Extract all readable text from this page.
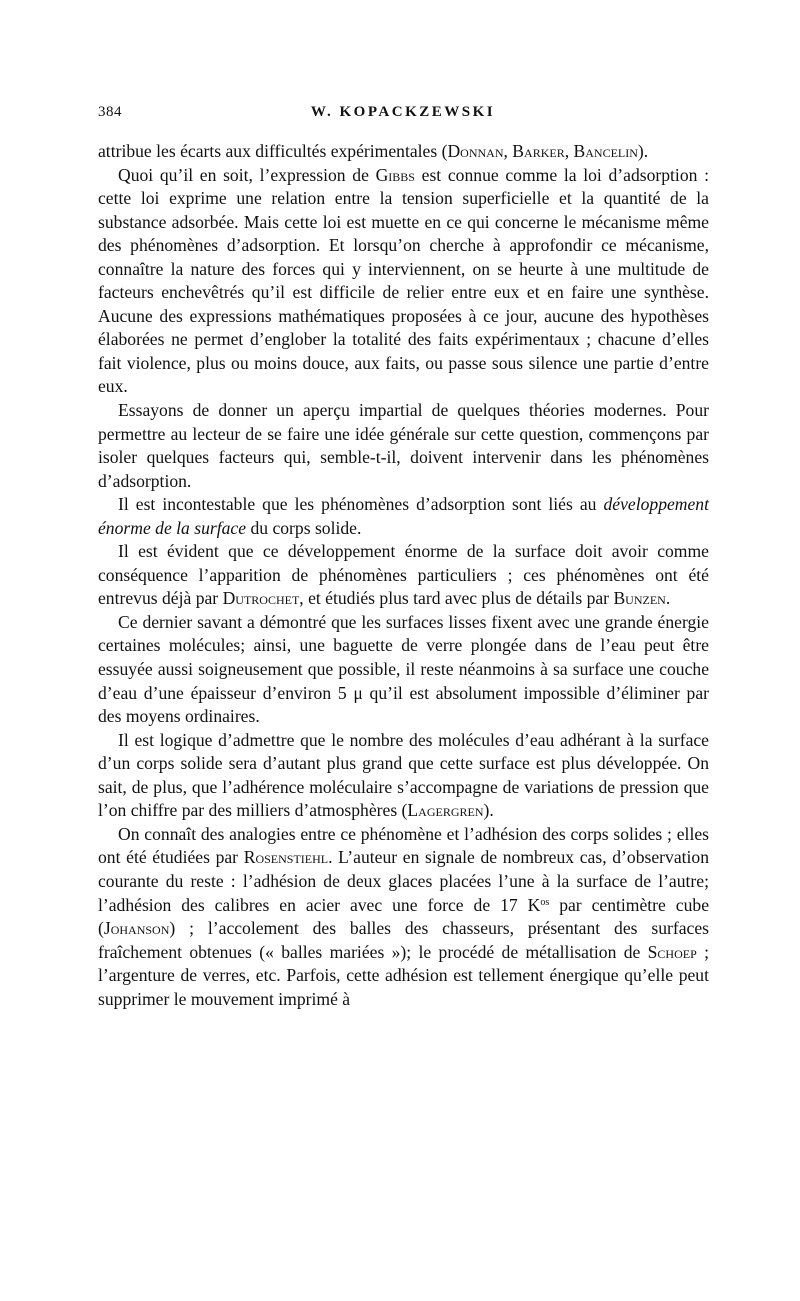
384	W. KOPACKZEWSKI

attribue les écarts aux difficultés expérimentales (Donnan, Barker, Bancelin).

Quoi qu’il en soit, l’expression de Gibbs est connue comme la loi d’adsorption : cette loi exprime une relation entre la tension superficielle et la quantité de la substance adsorbée. Mais cette loi est muette en ce qui concerne le mécanisme même des phénomènes d’adsorption. Et lorsqu’on cherche à approfondir ce mécanisme, connaître la nature des forces qui y interviennent, on se heurte à une multitude de facteurs enchevêtrés qu’il est difficile de relier entre eux et en faire une synthèse. Aucune des expressions mathématiques proposées à ce jour, aucune des hypothèses élaborées ne permet d’englober la totalité des faits expérimentaux ; chacune d’elles fait violence, plus ou moins douce, aux faits, ou passe sous silence une partie d’entre eux.

Essayons de donner un aperçu impartial de quelques théories modernes. Pour permettre au lecteur de se faire une idée générale sur cette question, commençons par isoler quelques facteurs qui, semble-t-il, doivent intervenir dans les phénomènes d’adsorption.

Il est incontestable que les phénomènes d’adsorption sont liés au développement énorme de la surface du corps solide.

Il est évident que ce développement énorme de la surface doit avoir comme conséquence l’apparition de phénomènes particuliers ; ces phénomènes ont été entrevus déjà par Dutrochet, et étudiés plus tard avec plus de détails par Bunzen.

Ce dernier savant a démontré que les surfaces lisses fixent avec une grande énergie certaines molécules; ainsi, une baguette de verre plongée dans de l’eau peut être essuyée aussi soigneusement que possible, il reste néanmoins à sa surface une couche d’eau d’une épaisseur d’environ 5 μ qu’il est absolument impossible d’éliminer par des moyens ordinaires.

Il est logique d’admettre que le nombre des molécules d’eau adhérant à la surface d’un corps solide sera d’autant plus grand que cette surface est plus développée. On sait, de plus, que l’adhérence moléculaire s’accompagne de variations de pression que l’on chiffre par des milliers d’atmosphères (Lagergren).

On connaît des analogies entre ce phénomène et l’adhésion des corps solides ; elles ont été étudiées par Rosenstiehl. L’auteur en signale de nombreux cas, d’observation courante du reste : l’adhésion de deux glaces placées l’une à la surface de l’autre; l’adhésion des calibres en acier avec une force de 17 $K^{os}$ par centimètre cube (Johanson) ; l’accolement des balles des chasseurs, présentant des surfaces fraîchement obtenues (« balles mariées »); le procédé de métallisation de Schoep ; l’argenture de verres, etc. Parfois, cette adhésion est tellement énergique qu’elle peut supprimer le mouvement imprimé à
